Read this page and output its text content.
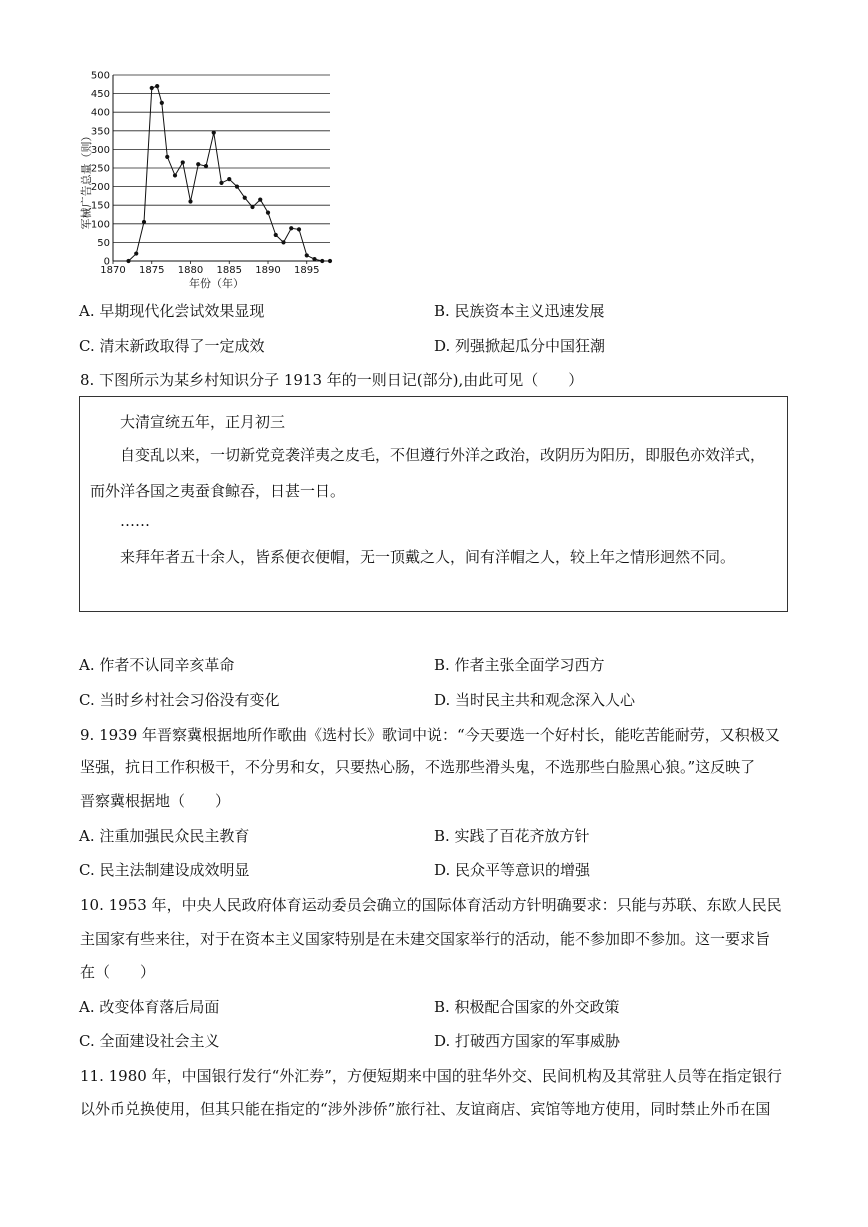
0
50
100
150
200
250
300
350
400
450
500
1870 1875 1880 1885 1890 1895
年份（年）
军械广告总量（则）
A. 早期现代化尝试效果显现	B. 民族资本主义迅速发展
C. 清末新政取得了一定成效	D. 列强掀起瓜分中国狂潮
8. 下图所示为某乡村知识分子 1913 年的一则日记(部分),由此可见（　　）
大清宣统五年，正月初三
自变乱以来，一切新党竞袭洋夷之皮毛，不但遵行外洋之政治，改阴历为阳历，即服色亦效洋式，
而外洋各国之夷蚕食鲸吞，日甚一日。
……
来拜年者五十余人，皆系便衣便帽，无一顶戴之人，间有洋帽之人，较上年之情形迥然不同。
A. 作者不认同辛亥革命	B. 作者主张全面学习西方
C. 当时乡村社会习俗没有变化	D. 当时民主共和观念深入人心
9. 1939 年晋察冀根据地所作歌曲《选村长》歌词中说：“今天要选一个好村长，能吃苦能耐劳，又积极又
坚强，抗日工作积极干，不分男和女，只要热心肠，不选那些滑头鬼，不选那些白脸黑心狼。”这反映了
晋察冀根据地（　　）
A. 注重加强民众民主教育	B. 实践了百花齐放方针
C. 民主法制建设成效明显	D. 民众平等意识的增强
10. 1953 年，中央人民政府体育运动委员会确立的国际体育活动方针明确要求：只能与苏联、东欧人民民
主国家有些来往，对于在资本主义国家特别是在未建交国家举行的活动，能不参加即不参加。这一要求旨
在（　　）
A. 改变体育落后局面	B. 积极配合国家的外交政策
C. 全面建设社会主义	D. 打破西方国家的军事威胁
11. 1980 年，中国银行发行“外汇券”，方便短期来中国的驻华外交、民间机构及其常驻人员等在指定银行
以外币兑换使用，但其只能在指定的“涉外涉侨”旅行社、友谊商店、宾馆等地方使用，同时禁止外币在国
